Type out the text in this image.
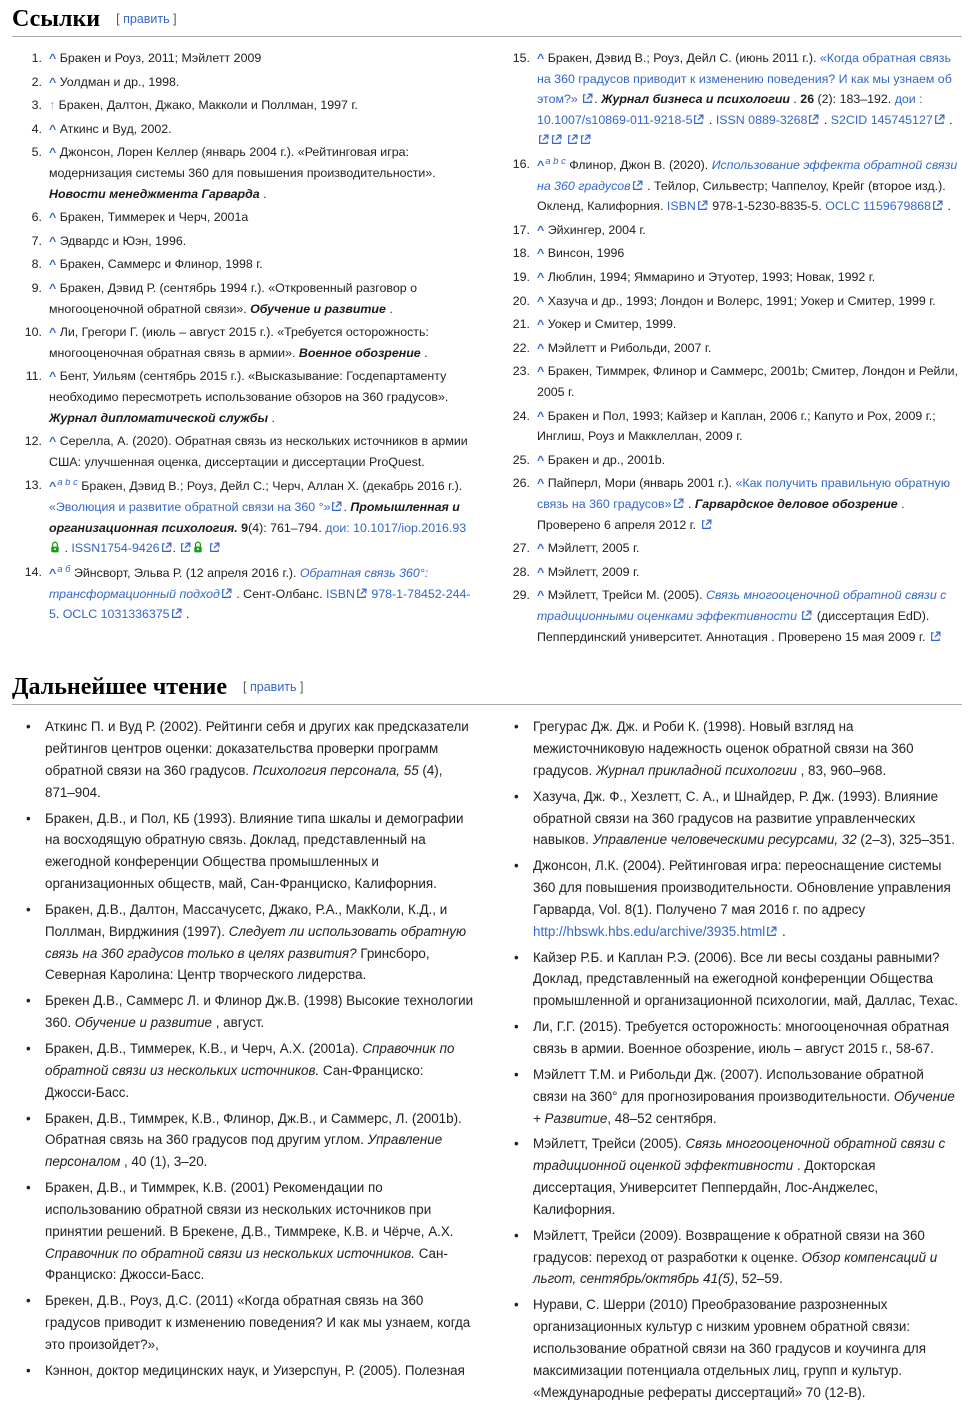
Ссылки [ править ]
1. ^ Бракен и Роуз, 2011; Мэйлетт 2009
2. ^ Уолдман и др., 1998.
3. ↑ Бракен, Далтон, Джако, Макколи и Поллман, 1997 г.
4. ^ Аткинс и Вуд, 2002.
5. ^ Джонсон, Лорен Келлер (январь 2004 г.). «Рейтинговая игра: модернизация системы 360 для повышения производительности». Новости менеджмента Гарварда .
6. ^ Бракен, Тиммерек и Черч, 2001a
7. ^ Эдвардс и Юэн, 1996.
8. ^ Бракен, Саммерс и Флинор, 1998 г.
9. ^ Бракен, Дэвид Р. (сентябрь 1994 г.). «Откровенный разговор о многооценочной обратной связи». Обучение и развитие .
10. ^ Ли, Грегори Г. (июль – август 2015 г.). «Требуется осторожность: многооценочная обратная связь в армии». Военное обозрение .
11. ^ Бент, Уильям (сентябрь 2015 г.). «Высказывание: Госдепартаменту необходимо пересмотреть использование обзоров на 360 градусов». Журнал дипломатической службы .
12. ^ Серелла, А. (2020). Обратная связь из нескольких источников в армии США: улучшенная оценка, диссертации и диссертации ProQuest.
13. ^$^{a b c}$ Бракен, Дэвид В.; Роуз, Дейл С.; Черч, Аллан Х. (декабрь 2016 г.). «Эволюция и развитие обратной связи на 360 °» . Промышленная и организационная психология. 9(4): 761–794. дои: 10.1017/iop.2016.93 . ISSN1754-9426 .
14. ^$^{а б}$ Эйнсворт, Эльва Р. (12 апреля 2016 г.). Обратная связь 360°: трансформационный подход . Сент-Олбанс. ISBN 978-1-78452-244-5. OCLC 1031336375 .
15. ^ Бракен, Дэвид В.; Роуз, Дейл С. (июнь 2011 г.). «Когда обратная связь на 360 градусов приводит к изменению поведения? И как мы узнаем об этом?» . Журнал бизнеса и психологии . 26 (2): 183–192. дои : 10.1007/s10869-011-9218-5 . ISSN 0889-3268 . S2CID 145745127 .
16. ^$^{a b c}$ Флинор, Джон В. (2020). Использование эффекта обратной связи на 360 градусов . Тейлор, Сильвестр; Чаппелоу, Крейг (второе изд.). Окленд, Калифорния. ISBN 978-1-5230-8835-5. OCLC 1159679868 .
17. ^ Эйхингер, 2004 г.
18. ^ Винсон, 1996
19. ^ Люблин, 1994; Яммарино и Этуотер, 1993; Новак, 1992 г.
20. ^ Хазуча и др., 1993; Лондон и Волерс, 1991; Уокер и Смитер, 1999 г.
21. ^ Уокер и Смитер, 1999.
22. ^ Мэйлетт и Рибольди, 2007 г.
23. ^ Бракен, Тиммрек, Флинор и Саммерс, 2001b; Смитер, Лондон и Рейли, 2005 г.
24. ^ Бракен и Пол, 1993; Кайзер и Каплан, 2006 г.; Капуто и Рох, 2009 г.; Инглиш, Роуз и Макклеллан, 2009 г.
25. ^ Бракен и др., 2001b.
26. ^ Пайперл, Мори (январь 2001 г.). «Как получить правильную обратную связь на 360 градусов» . Гарвардское деловое обозрение . Проверено 6 апреля 2012 г.
27. ^ Мэйлетт, 2005 г.
28. ^ Мэйлетт, 2009 г.
29. ^ Мэйлетт, Трейси М. (2005). Связь многооценочной обратной связи с традиционными оценками эффективности  (диссертация EdD). Пеппердинский университет. Аннотация . Проверено 15 мая 2009 г.
Дальнейшее чтение [ править ]
•	Аткинс П. и Вуд Р. (2002). Рейтинги себя и других как предсказатели рейтингов центров оценки: доказательства проверки программ обратной связи на 360 градусов. Психология персонала, 55 (4), 871–904.
•	Бракен, Д.В., и Пол, КБ (1993). Влияние типа шкалы и демографии на восходящую обратную связь. Доклад, представленный на ежегодной конференции Общества промышленных и организационных обществ, май, Сан-Франциско, Калифорния.
•	Бракен, Д.В., Далтон, Массачусетс, Джако, Р.А., МакКоли, К.Д., и Поллман, Вирджиния (1997). Следует ли использовать обратную связь на 360 градусов только в целях развития? Гринсборо, Северная Каролина: Центр творческого лидерства.
•	Брекен Д.В., Саммерс Л. и Флинор Дж.В. (1998) Высокие технологии 360. Обучение и развитие , август.
•	Бракен, Д.В., Тиммерек, К.В., и Черч, А.Х. (2001a). Справочник по обратной связи из нескольких источников. Сан-Франциско: Джосси-Басс.
•	Бракен, Д.В., Тиммрек, К.В., Флинор, Дж.В., и Саммерс, Л. (2001b). Обратная связь на 360 градусов под другим углом. Управление персоналом , 40 (1), 3–20.
•	Бракен, Д.В., и Тиммрек, К.В. (2001) Рекомендации по использованию обратной связи из нескольких источников при принятии решений. В Брекене, Д.В., Тиммреке, К.В. и Чёрче, А.Х. Справочник по обратной связи из нескольких источников. Сан-Франциско: Джосси-Басс.
•	Брекен, Д.В., Роуз, Д.С. (2011) «Когда обратная связь на 360 градусов приводит к изменению поведения? И как мы узнаем, когда это произойдет?»,
•	Кэннон, доктор медицинских наук, и Уизерспун, Р. (2005). Полезная
•	Грегурас Дж. Дж. и Роби К. (1998). Новый взгляд на межисточниковую надежность оценок обратной связи на 360 градусов. Журнал прикладной психологии , 83, 960–968.
•	Хазуча, Дж. Ф., Хезлетт, С. А., и Шнайдер, Р. Дж. (1993). Влияние обратной связи на 360 градусов на развитие управленческих навыков. Управление человеческими ресурсами, 32 (2–3), 325–351.
•	Джонсон, Л.К. (2004). Рейтинговая игра: переоснащение системы 360 для повышения производительности. Обновление управления Гарварда, Vol. 8(1). Получено 7 мая 2016 г. по адресу http://hbswk.hbs.edu/archive/3935.html .
•	Кайзер Р.Б. и Каплан Р.Э. (2006). Все ли весы созданы равными? Доклад, представленный на ежегодной конференции Общества промышленной и организационной психологии, май, Даллас, Техас.
•	Ли, Г.Г. (2015). Требуется осторожность: многооценочная обратная связь в армии. Военное обозрение, июль – август 2015 г., 58-67.
•	Мэйлетт Т.М. и Рибольди Дж. (2007). Использование обратной связи на 360° для прогнозирования производительности. Обучение + Развитие, 48–52 сентября.
•	Мэйлетт, Трейси (2005). Связь многооценочной обратной связи с традиционной оценкой эффективности . Докторская диссертация, Университет Пеппердайн, Лос-Анджелес, Калифорния.
•	Мэйлетт, Трейси (2009). Возвращение к обратной связи на 360 градусов: переход от разработки к оценке. Обзор компенсаций и льгот, сентябрь/октябрь 41(5), 52–59.
•	Нурави, С. Шерри (2010) Преобразование разрозненных организационных культур с низким уровнем обратной связи: использование обратной связи на 360 градусов и коучинга для максимизации потенциала отдельных лиц, групп и культур. «Международные рефераты диссертаций» 70 (12-B).
